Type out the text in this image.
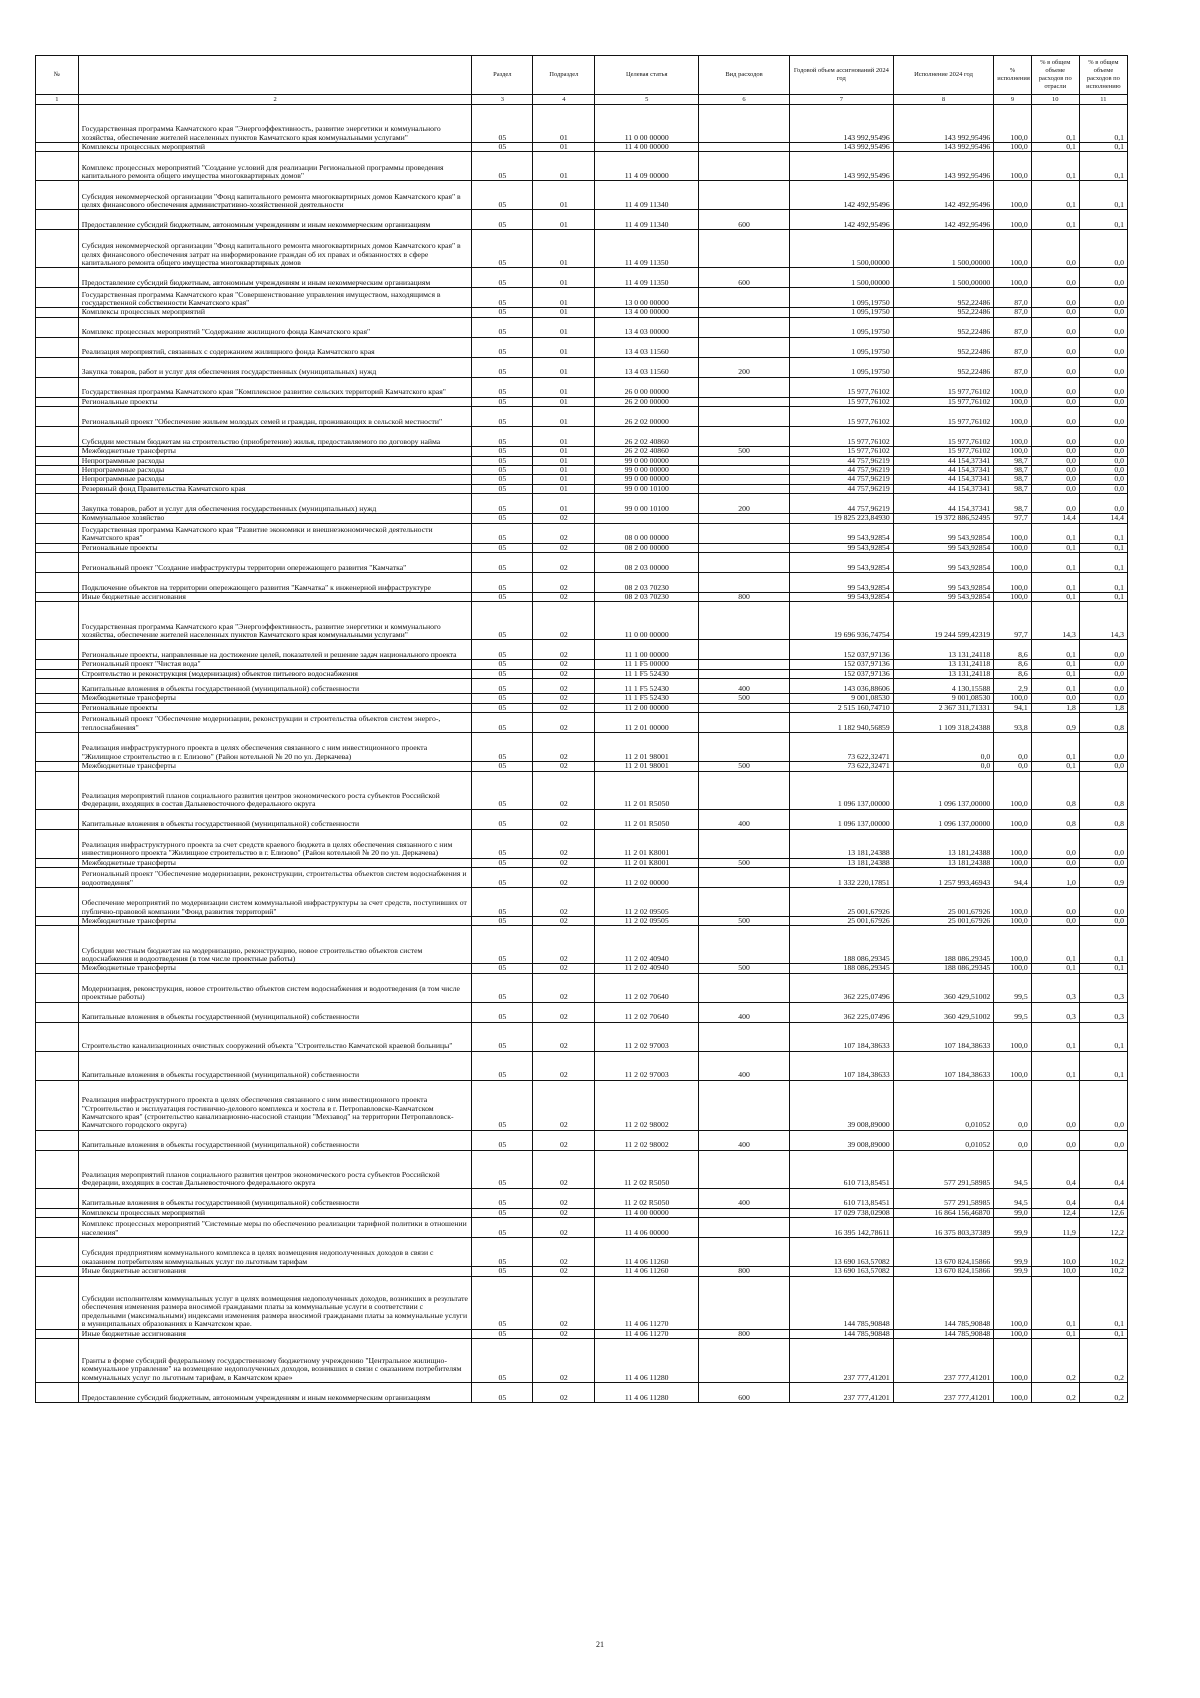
№		Раздел	Подраздел	Целевая статья	Вид расходов	Годовой объем ассигнований 2024 год	Исполнение 2024 год	% исполнения	% в общем объеме расходов по отрасли	% в общем объеме расходов по исполнению
1	2	3	4	5	6	7	8	9	10	11
	Государственная программа Камчатского края "Энергоэффективность, развитие энергетики и коммунального хозяйства, обеспечение жителей населенных пунктов Камчатского края коммунальными услугами"	05	01	11 0 00 00000		143 992,95496	143 992,95496	100,0	0,1	0,1
	Комплексы процессных мероприятий	05	01	11 4 00 00000		143 992,95496	143 992,95496	100,0	0,1	0,1
	Комплекс процессных мероприятий "Создание условий для реализации Региональной программы проведения капитального ремонта общего имущества многоквартирных домов"	05	01	11 4 09 00000		143 992,95496	143 992,95496	100,0	0,1	0,1
	Субсидия некоммерческой организации "Фонд капитального ремонта многоквартирных домов Камчатского края" в целях финансового обеспечения административно-хозяйственной деятельности	05	01	11 4 09 11340		142 492,95496	142 492,95496	100,0	0,1	0,1
	Предоставление субсидий бюджетным, автономным учреждениям и иным некоммерческим организациям	05	01	11 4 09 11340	600	142 492,95496	142 492,95496	100,0	0,1	0,1
	Субсидия некоммерческой организации "Фонд капитального ремонта многоквартирных домов Камчатского края" в целях финансового обеспечения затрат на информирование граждан об их правах и обязанностях в сфере капитального ремонта общего имущества многоквартирных домов	05	01	11 4 09 11350		1 500,00000	1 500,00000	100,0	0,0	0,0
	Предоставление субсидий бюджетным, автономным учреждениям и иным некоммерческим организациям	05	01	11 4 09 11350	600	1 500,00000	1 500,00000	100,0	0,0	0,0
	Государственная программа Камчатского края "Совершенствование управления имуществом, находящимся в государственной собственности Камчатского края"	05	01	13 0 00 00000		1 095,19750	952,22486	87,0	0,0	0,0
	Комплексы процессных мероприятий	05	01	13 4 00 00000		1 095,19750	952,22486	87,0	0,0	0,0
	Комплекс процессных мероприятий "Содержание жилищного фонда Камчатского края"	05	01	13 4 03 00000		1 095,19750	952,22486	87,0	0,0	0,0
	Реализация мероприятий, связанных с содержанием жилищного фонда Камчатского края	05	01	13 4 03 11560		1 095,19750	952,22486	87,0	0,0	0,0
	Закупка товаров, работ и услуг для обеспечения государственных (муниципальных) нужд	05	01	13 4 03 11560	200	1 095,19750	952,22486	87,0	0,0	0,0
	Государственная программа Камчатского края "Комплексное развитие сельских территорий Камчатского края"	05	01	26 0 00 00000		15 977,76102	15 977,76102	100,0	0,0	0,0
	Региональные проекты	05	01	26 2 00 00000		15 977,76102	15 977,76102	100,0	0,0	0,0
	Региональный проект "Обеспечение жильем молодых семей и граждан, проживающих в сельской местности"	05	01	26 2 02 00000		15 977,76102	15 977,76102	100,0	0,0	0,0
	Субсидии местным бюджетам на строительство (приобретение) жилья, предоставляемого по договору найма	05	01	26 2 02 40860		15 977,76102	15 977,76102	100,0	0,0	0,0
	Межбюджетные трансферты	05	01	26 2 02 40860	500	15 977,76102	15 977,76102	100,0	0,0	0,0
	Непрограммные расходы	05	01	99 0 00 00000		44 757,96219	44 154,37341	98,7	0,0	0,0
	Непрограммные расходы	05	01	99 0 00 00000		44 757,96219	44 154,37341	98,7	0,0	0,0
	Непрограммные расходы	05	01	99 0 00 00000		44 757,96219	44 154,37341	98,7	0,0	0,0
	Резервный фонд Правительства Камчатского края	05	01	99 0 00 10100		44 757,96219	44 154,37341	98,7	0,0	0,0
	Закупка товаров, работ и услуг для обеспечения государственных (муниципальных) нужд	05	01	99 0 00 10100	200	44 757,96219	44 154,37341	98,7	0,0	0,0
	Коммунальное хозяйство	05	02			19 825 223,84930	19 372 886,52495	97,7	14,4	14,4
	Государственная программа Камчатского края "Развитие экономики и внешнеэкономической деятельности Камчатского края"	05	02	08 0 00 00000		99 543,92854	99 543,92854	100,0	0,1	0,1
	Региональные проекты	05	02	08 2 00 00000		99 543,92854	99 543,92854	100,0	0,1	0,1
	Региональный проект "Создание инфраструктуры территории опережающего развития "Камчатка"	05	02	08 2 03 00000		99 543,92854	99 543,92854	100,0	0,1	0,1
	Подключение объектов на территории опережающего развития "Камчатка" к инженерной инфраструктуре	05	02	08 2 03 70230		99 543,92854	99 543,92854	100,0	0,1	0,1
	Иные бюджетные ассигнования	05	02	08 2 03 70230	800	99 543,92854	99 543,92854	100,0	0,1	0,1
	Государственная программа Камчатского края "Энергоэффективность, развитие энергетики и коммунального хозяйства, обеспечение жителей населенных пунктов Камчатского края коммунальными услугами"	05	02	11 0 00 00000		19 696 936,74754	19 244 599,42319	97,7	14,3	14,3
	Региональные проекты, направленные на достижение целей, показателей и решение задач национального проекта	05	02	11 1 00 00000		152 037,97136	13 131,24118	8,6	0,1	0,0
	Региональный проект "Чистая вода"	05	02	11 1 F5 00000		152 037,97136	13 131,24118	8,6	0,1	0,0
	Строительство и реконструкция (модернизация) объектов питьевого водоснабжения	05	02	11 1 F5 52430		152 037,97136	13 131,24118	8,6	0,1	0,0
	Капитальные вложения в объекты государственной (муниципальной) собственности	05	02	11 1 F5 52430	400	143 036,88606	4 130,15588	2,9	0,1	0,0
	Межбюджетные трансферты	05	02	11 1 F5 52430	500	9 001,08530	9 001,08530	100,0	0,0	0,0
	Региональные проекты	05	02	11 2 00 00000		2 515 160,74710	2 367 311,71331	94,1	1,8	1,8
	Региональный проект "Обеспечение модернизации, реконструкции и строительства объектов систем энерго-, теплоснабжения"	05	02	11 2 01 00000		1 182 940,56859	1 109 318,24388	93,8	0,9	0,8
	Реализация инфраструктурного проекта в целях обеспечения связанного с ним инвестиционного проекта "Жилищное строительство в г. Елизово" (Район котельной № 20 по ул. Деркачева)	05	02	11 2 01 98001		73 622,32471	0,0	0,0	0,1	0,0
	Межбюджетные трансферты	05	02	11 2 01 98001	500	73 622,32471	0,0	0,0	0,1	0,0
	Реализация мероприятий планов социального развития центров экономического роста субъектов Российской Федерации, входящих в состав Дальневосточного федерального округа	05	02	11 2 01 R5050		1 096 137,00000	1 096 137,00000	100,0	0,8	0,8
	Капитальные вложения в объекты государственной (муниципальной) собственности	05	02	11 2 01 R5050	400	1 096 137,00000	1 096 137,00000	100,0	0,8	0,8
	Реализация инфраструктурного проекта за счет средств краевого бюджета в целях обеспечения связанного с ним инвестиционного проекта "Жилищное строительство в г. Елизово" (Район котельной № 20 по ул. Деркачева)	05	02	11 2 01 К8001		13 181,24388	13 181,24388	100,0	0,0	0,0
	Межбюджетные трансферты	05	02	11 2 01 К8001	500	13 181,24388	13 181,24388	100,0	0,0	0,0
	Региональный проект "Обеспечение модернизации, реконструкции, строительства объектов систем водоснабжения и водоотведения"	05	02	11 2 02 00000		1 332 220,17851	1 257 993,46943	94,4	1,0	0,9
	Обеспечение мероприятий по модернизации систем коммунальной инфраструктуры за счет средств, поступивших от публично-правовой компании "Фонд развития территорий"	05	02	11 2 02 09505		25 001,67926	25 001,67926	100,0	0,0	0,0
	Межбюджетные трансферты	05	02	11 2 02 09505	500	25 001,67926	25 001,67926	100,0	0,0	0,0
	Субсидии местным бюджетам на модернизацию, реконструкцию, новое строительство объектов систем водоснабжения и водоотведения (в том числе проектные работы)	05	02	11 2 02 40940		188 086,29345	188 086,29345	100,0	0,1	0,1
	Межбюджетные трансферты	05	02	11 2 02 40940	500	188 086,29345	188 086,29345	100,0	0,1	0,1
	Модернизация, реконструкция, новое строительство объектов систем водоснабжения и водоотведения (в том числе проектные работы)	05	02	11 2 02 70640		362 225,07496	360 429,51002	99,5	0,3	0,3
	Капитальные вложения в объекты государственной (муниципальной) собственности	05	02	11 2 02 70640	400	362 225,07496	360 429,51002	99,5	0,3	0,3
	Строительство канализационных очистных сооружений объекта "Строительство Камчатской краевой больницы"	05	02	11 2 02 97003		107 184,38633	107 184,38633	100,0	0,1	0,1
	Капитальные вложения в объекты государственной (муниципальной) собственности	05	02	11 2 02 97003	400	107 184,38633	107 184,38633	100,0	0,1	0,1
	Реализация инфраструктурного проекта в целях обеспечения связанного с ним инвестиционного проекта "Строительство и эксплуатация гостинично-делового комплекса и хостела в г. Петропавловске-Камчатском Камчатского края" (строительство канализационно-насосной станции "Мехзавод" на территории Петропавловск-Камчатского городского округа)	05	02	11 2 02 98002		39 008,89000	0,01052	0,0	0,0	0,0
	Капитальные вложения в объекты государственной (муниципальной) собственности	05	02	11 2 02 98002	400	39 008,89000	0,01052	0,0	0,0	0,0
	Реализация мероприятий планов социального развития центров экономического роста субъектов Российской Федерации, входящих в состав Дальневосточного федерального округа	05	02	11 2 02 R5050		610 713,85451	577 291,58985	94,5	0,4	0,4
	Капитальные вложения в объекты государственной (муниципальной) собственности	05	02	11 2 02 R5050	400	610 713,85451	577 291,58985	94,5	0,4	0,4
	Комплексы процессных мероприятий	05	02	11 4 00 00000		17 029 738,02908	16 864 156,46870	99,0	12,4	12,6
	Комплекс процессных мероприятий "Системные меры по обеспечению реализации тарифной политики в отношении населения"	05	02	11 4 06 00000		16 395 142,78611	16 375 803,37389	99,9	11,9	12,2
	Субсидия предприятиям коммунального комплекса в целях возмещения недополученных доходов в связи с оказанием потребителям коммунальных услуг по льготным тарифам	05	02	11 4 06 11260		13 690 163,57082	13 670 824,15866	99,9	10,0	10,2
	Иные бюджетные ассигнования	05	02	11 4 06 11260	800	13 690 163,57082	13 670 824,15866	99,9	10,0	10,2
	Субсидии исполнителям коммунальных услуг в целях возмещения недополученных доходов, возникших в результате обеспечения изменения размера вносимой гражданами платы за коммунальные услуги в соответствии с предельными (максимальными) индексами изменения размера вносимой гражданами платы за коммунальные услуги в муниципальных образованиях в Камчатском крае.	05	02	11 4 06 11270		144 785,90848	144 785,90848	100,0	0,1	0,1
	Иные бюджетные ассигнования	05	02	11 4 06 11270	800	144 785,90848	144 785,90848	100,0	0,1	0,1
	Гранты в форме субсидий федеральному государственному бюджетному учреждению "Центральное жилищно-коммунальное управление" на возмещение недополученных доходов, возникших в связи с оказанием потребителям коммунальных услуг по льготным тарифам, в Камчатском крае»	05	02	11 4 06 11280		237 777,41201	237 777,41201	100,0	0,2	0,2
	Предоставление субсидий бюджетным, автономным учреждениям и иным некоммерческим организациям	05	02	11 4 06 11280	600	237 777,41201	237 777,41201	100,0	0,2	0,2
21
